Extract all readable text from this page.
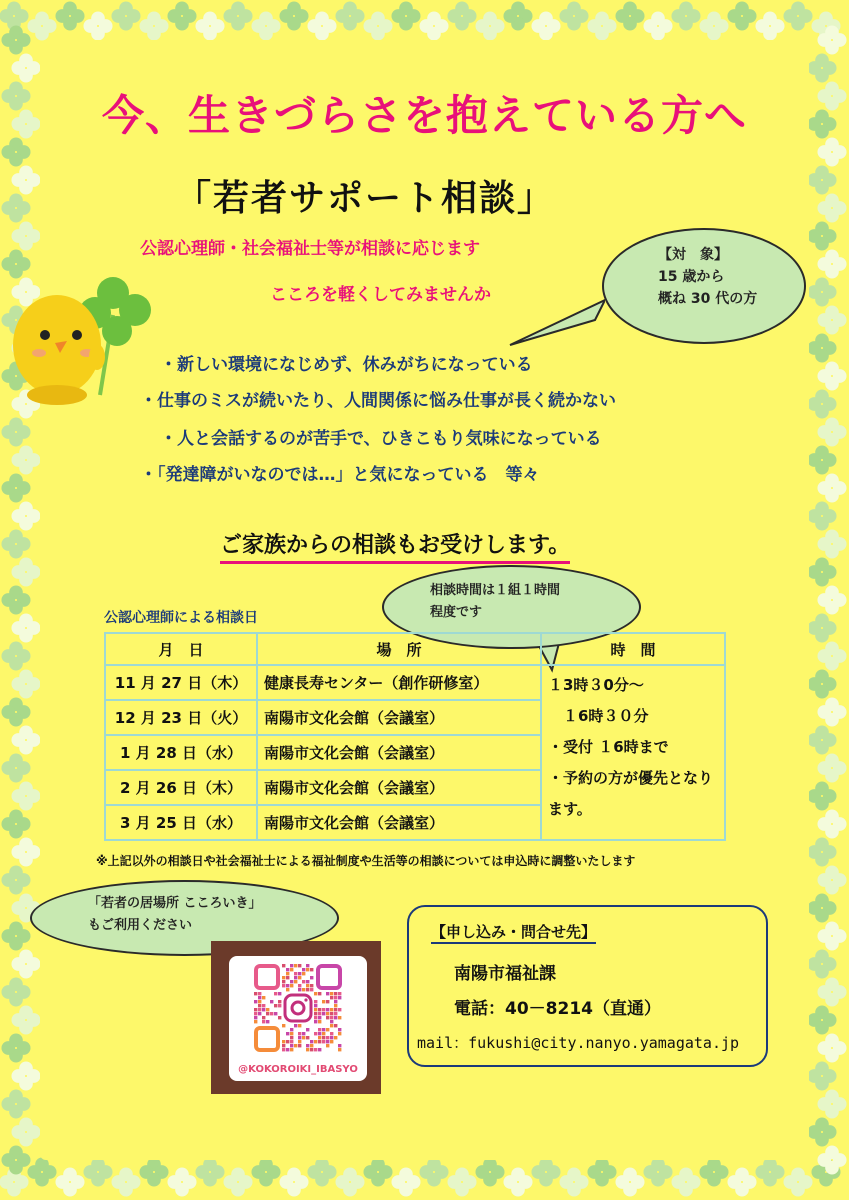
今、生きづらさを抱えている方へ
「若者サポート相談」
公認心理師・社会福祉士等が相談に応じます
こころを軽くしてみませんか
【対　象】
15 歳から
概ね 30 代の方
・新しい環境になじめず、休みがちになっている
・仕事のミスが続いたり、人間関係に悩み仕事が長く続かない
・人と会話するのが苦手で、ひきこもり気味になっている
・「発達障がいなのでは…」と気になっている　等々
ご家族からの相談もお受けします。
相談時間は１組１時間
程度です
公認心理師による相談日
月　日	場　所	時　間
11 月 27 日（木）	健康長寿センター（創作研修室）	１3時３0分～
　１6時３０分
・受付 １6時まで
・予約の方が優先となり
ます。

12 月 23 日（火）	南陽市文化会館（会議室）	
1 月 28 日（水）	南陽市文化会館（会議室）	
2 月 26 日（木）	南陽市文化会館（会議室）	
3 月 25 日（水）	南陽市文化会館（会議室）	
※上記以外の相談日や社会福祉士による福祉制度や生活等の相談については申込時に調整いたします
「若者の居場所 こころいき」
もご利用ください
@KOKOROIKI_IBASYO
【申し込み・問合せ先】
南陽市福祉課
電話：40－8214（直通）
mail：fukushi@city.nanyo.yamagata.jp
